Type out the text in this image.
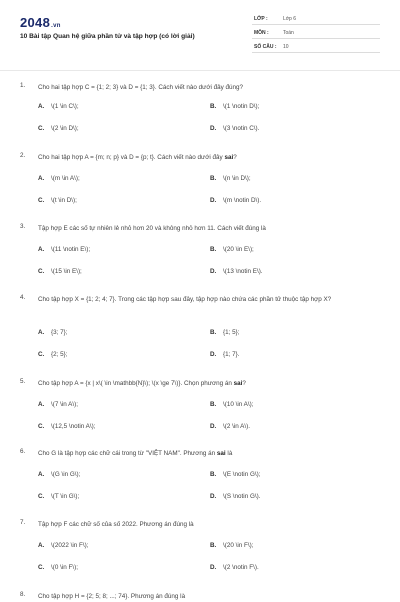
2048.vn
10 Bài tập Quan hệ giữa phần tử và tập hợp (có lời giải)
LỚP :	Lớp 6
MÔN :	Toán
SỐ CÂU : 10
1. Cho hai tập hợp C = {1; 2; 3} và D = {1; 3}. Cách viết nào dưới đây đúng?
A. \(1 \in C\);	B. \(1 \notin D\);
C. \(2 \in D\);	D. \(3 \notin C\).
2. Cho hai tập hợp A = {m; n; p} và D = {p; t}. Cách viết nào dưới đây sai?
A. \(m \in A\);	B. \(n \in D\);
C. \(t \in D\);	D. \(m \notin D\).
3. Tập hợp E các số tự nhiên lẻ nhỏ hơn 20 và không nhỏ hơn 11. Cách viết đúng là
A. \(11 \notin E\);	B. \(20 \in E\);
C. \(15 \in E\);	D. \(13 \notin E\).
4. Cho tập hợp X = {1; 2; 4; 7}. Trong các tập hợp sau đây, tập hợp nào chứa các phần tử thuộc tập hợp X?
A. {3; 7};	B. {1; 5};
C. {2; 5};	D. {1; 7}.
5. Cho tập hợp A = {x | x\( \in \mathbb{N}\); \(x \ge 7\)}. Chọn phương án sai?
A. \(7 \in A\);	B. \(10 \in A\);
C. \(12,5 \notin A\);	D. \(2 \in A\).
6. Cho G là tập hợp các chữ cái trong từ "VIỆT NAM". Phương án sai là
A. \(G \in G\);	B. \(E \notin G\);
C. \(T \in G\);	D. \(S \notin G\).
7. Tập hợp F các chữ số của số 2022. Phương án đúng là
A. \(2022 \in F\);	B. \(20 \in F\);
C. \(0 \in F\);	D. \(2 \notin F\).
8. Cho tập hợp H = {2; 5; 8; ...; 74}. Phương án đúng là
